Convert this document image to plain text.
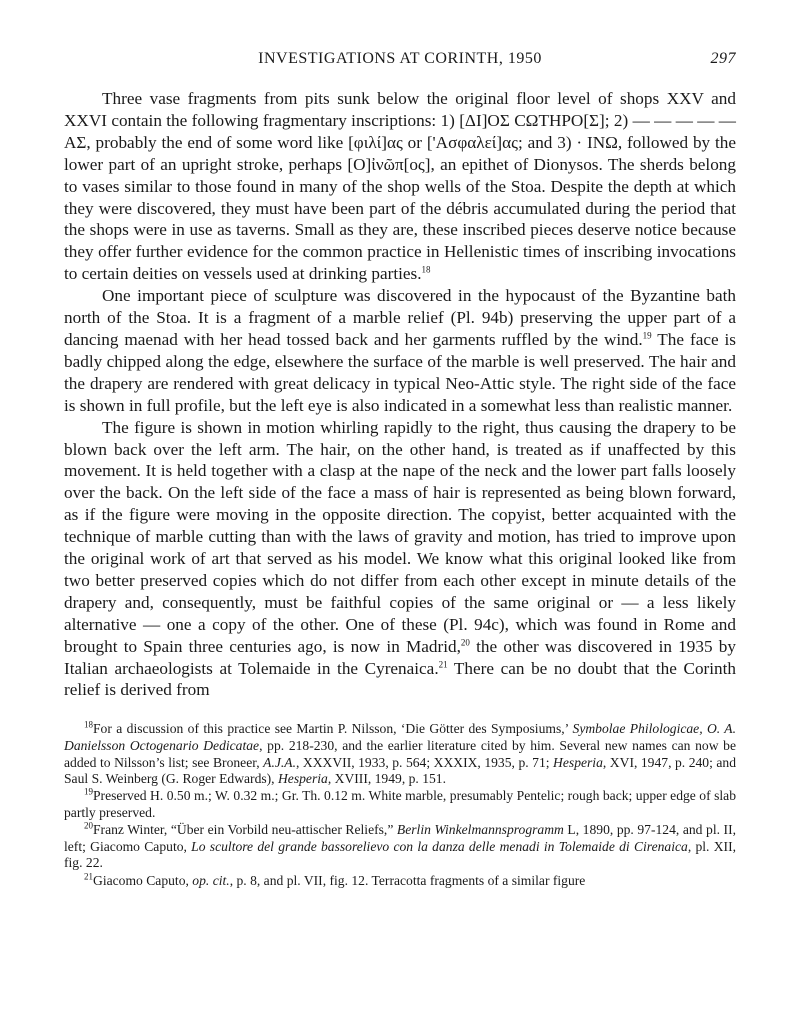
INVESTIGATIONS AT CORINTH, 1950	297

Three vase fragments from pits sunk below the original floor level of shops XXV and XXVI contain the following fragmentary inscriptions: 1) [ΔΙ]ΟΣ ϹΩΤΗΡΟ[Σ]; 2) — — — — — ΑΣ, probably the end of some word like [φιλί]ας or ['Ασφαλεί]ας; and 3) · ΙΝΩ, followed by the lower part of an upright stroke, perhaps [Ο]ἰνῶπ[ος], an epithet of Dionysos. The sherds belong to vases similar to those found in many of the shop wells of the Stoa. Despite the depth at which they were discovered, they must have been part of the débris accumulated during the period that the shops were in use as taverns. Small as they are, these inscribed pieces deserve notice because they offer further evidence for the common practice in Hellenistic times of inscribing invocations to certain deities on vessels used at drinking parties.$^{18}$

One important piece of sculpture was discovered in the hypocaust of the Byzantine bath north of the Stoa. It is a fragment of a marble relief (Pl. 94b) preserving the upper part of a dancing maenad with her head tossed back and her garments ruffled by the wind.$^{19}$ The face is badly chipped along the edge, elsewhere the surface of the marble is well preserved. The hair and the drapery are rendered with great delicacy in typical Neo-Attic style. The right side of the face is shown in full profile, but the left eye is also indicated in a somewhat less than realistic manner.

The figure is shown in motion whirling rapidly to the right, thus causing the drapery to be blown back over the left arm. The hair, on the other hand, is treated as if unaffected by this movement. It is held together with a clasp at the nape of the neck and the lower part falls loosely over the back. On the left side of the face a mass of hair is represented as being blown forward, as if the figure were moving in the opposite direction. The copyist, better acquainted with the technique of marble cutting than with the laws of gravity and motion, has tried to improve upon the original work of art that served as his model. We know what this original looked like from two better preserved copies which do not differ from each other except in minute details of the drapery and, consequently, must be faithful copies of the same original or — a less likely alternative — one a copy of the other. One of these (Pl. 94c), which was found in Rome and brought to Spain three centuries ago, is now in Madrid,$^{20}$ the other was discovered in 1935 by Italian archaeologists at Tolemaide in the Cyrenaica.$^{21}$ There can be no doubt that the Corinth relief is derived from

$^{18}$For a discussion of this practice see Martin P. Nilsson, ‘Die Götter des Symposiums,’ Symbolae Philologicae, O. A. Danielsson Octogenario Dedicatae, pp. 218-230, and the earlier literature cited by him. Several new names can now be added to Nilsson’s list; see Broneer, A.J.A., XXXVII, 1933, p. 564; XXXIX, 1935, p. 71; Hesperia, XVI, 1947, p. 240; and Saul S. Weinberg (G. Roger Edwards), Hesperia, XVIII, 1949, p. 151.

$^{19}$Preserved H. 0.50 m.; W. 0.32 m.; Gr. Th. 0.12 m. White marble, presumably Pentelic; rough back; upper edge of slab partly preserved.

$^{20}$Franz Winter, “Über ein Vorbild neu-attischer Reliefs,” Berlin Winkelmannsprogramm L, 1890, pp. 97-124, and pl. II, left; Giacomo Caputo, Lo scultore del grande bassorelievo con la danza delle menadi in Tolemaide di Cirenaica, pl. XII, fig. 22.

$^{21}$Giacomo Caputo, op. cit., p. 8, and pl. VII, fig. 12. Terracotta fragments of a similar figure
